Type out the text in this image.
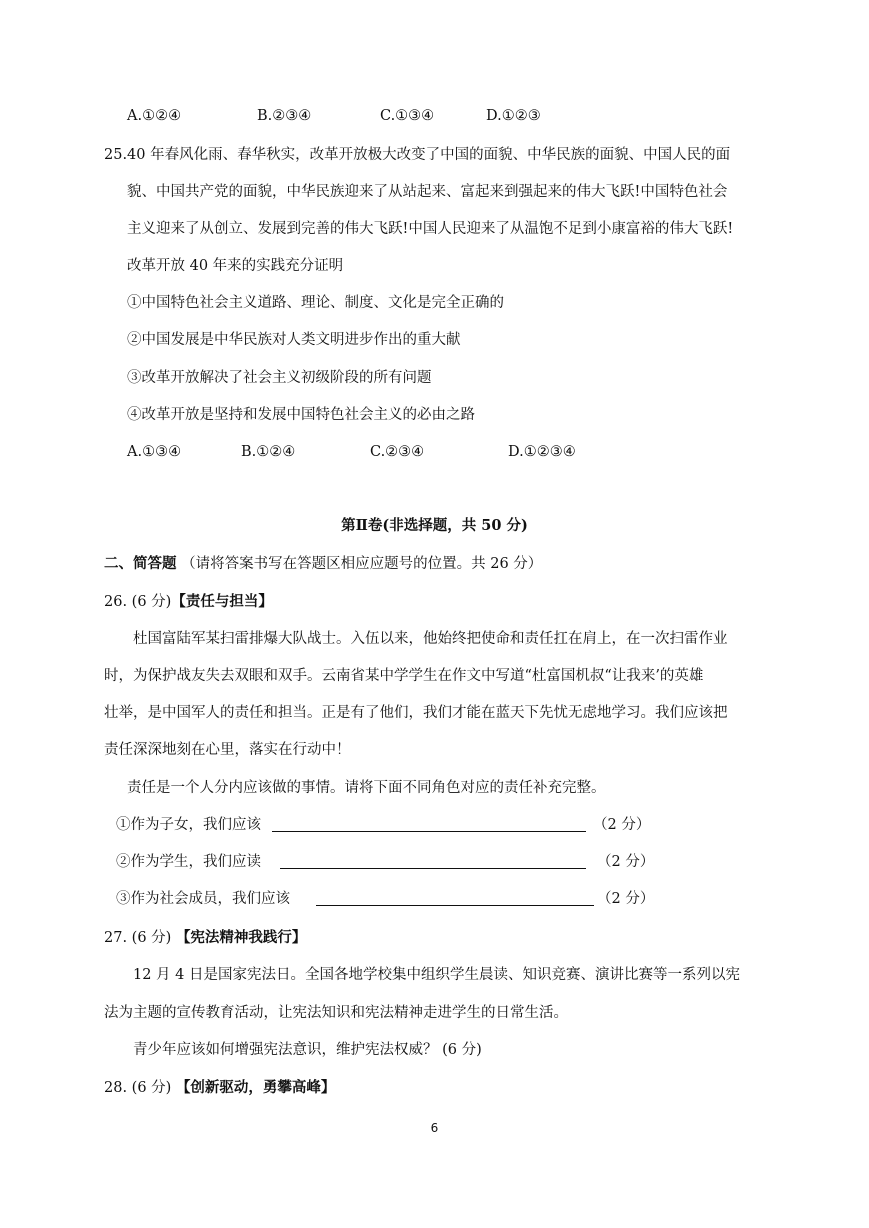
A.①②④	B.②③④	C.①③④	D.①②③
25.40 年春风化雨、春华秋实，改革开放极大改变了中国的面貌、中华民族的面貌、中国人民的面
貌、中国共产党的面貌，中华民族迎来了从站起来、富起来到强起来的伟大飞跃!中国特色社会
主义迎来了从创立、发展到完善的伟大飞跃!中国人民迎来了从温饱不足到小康富裕的伟大飞跃!
改革开放 40 年来的实践充分证明
①中国特色社会主义道路、理论、制度、文化是完全正确的
②中国发展是中华民族对人类文明进步作出的重大献
③改革开放解决了社会主义初级阶段的所有问题
④改革开放是坚持和发展中国特色社会主义的必由之路
A.①③④	B.①②④	C.②③④	D.①②③④
第Ⅱ卷(非选择题，共 50 分)
二、简答题 （请将答案书写在答题区相应应题号的位置。共 26 分）
26. (6 分)【责任与担当】
杜国富陆军某扫雷排爆大队战士。入伍以来，他始终把使命和责任扛在肩上，在一次扫雷作业
时，为保护战友失去双眼和双手。云南省某中学学生在作文中写道“杜富国机叔“让我来’的英雄
壮举，是中国军人的责任和担当。正是有了他们，我们才能在蓝天下先忧无虑地学习。我们应该把
责任深深地刻在心里，落实在行动中！
责任是一个人分内应该做的事情。请将下面不同角色对应的责任补充完整。
①作为子女，我们应该	（2 分）
②作为学生，我们应读	（2 分）
③作为社会成员，我们应该	（2 分）
27. (6 分) 【宪法精神我践行】
12 月 4 日是国家宪法日。全国各地学校集中组织学生晨读、知识竞赛、演讲比赛等一系列以宪
法为主题的宣传教育活动，让宪法知识和宪法精神走进学生的日常生活。
青少年应该如何增强宪法意识，维护宪法权威？ (6 分)
28. (6 分) 【创新驱动，勇攀高峰】
6
